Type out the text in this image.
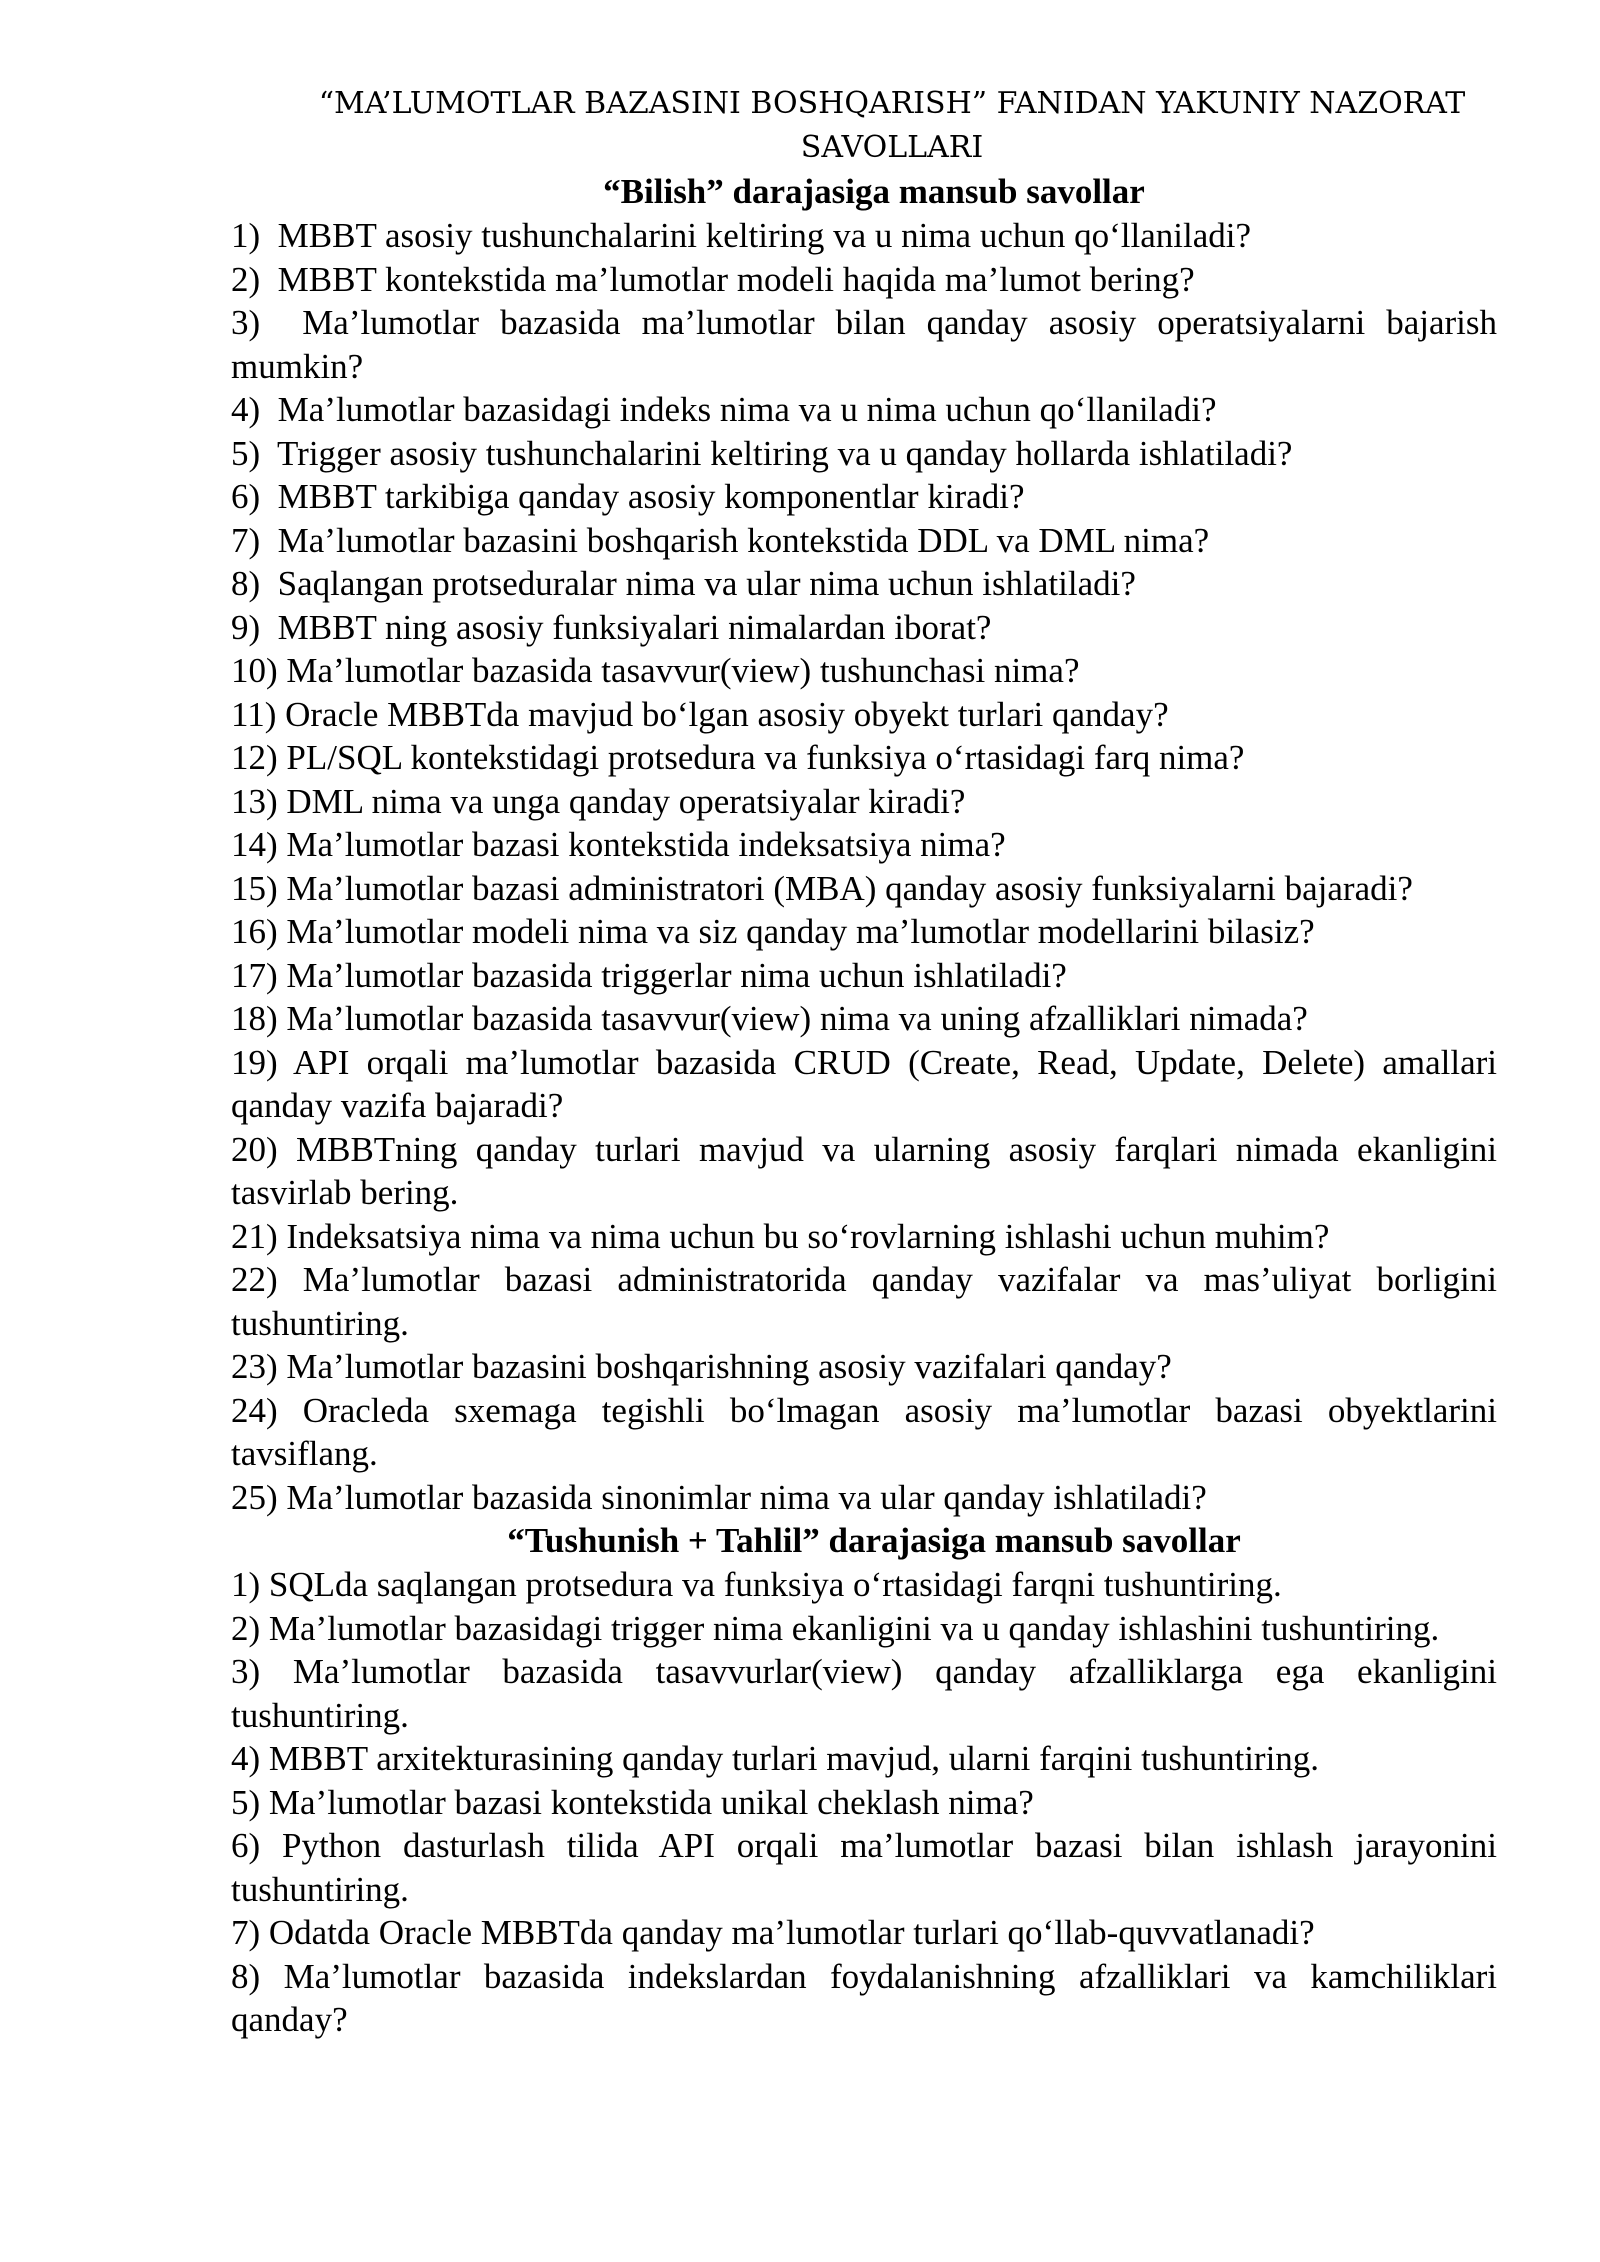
“MA’LUMOTLAR BAZASINI BOSHQARISH” FANIDAN YAKUNIY NAZORAT
SAVOLLARI

“Bilish” darajasiga mansub savollar
1)  MBBT asosiy tushunchalarini keltiring va u nima uchun qo‘llaniladi?
2)  MBBT kontekstida ma’lumotlar modeli haqida ma’lumot bering?
3)  Ma’lumotlar bazasida ma’lumotlar bilan qanday asosiy operatsiyalarni bajarish mumkin?
4)  Ma’lumotlar bazasidagi indeks nima va u nima uchun qo‘llaniladi?
5)  Trigger asosiy tushunchalarini keltiring va u qanday hollarda ishlatiladi?
6)  MBBT tarkibiga qanday asosiy komponentlar kiradi?
7)  Ma’lumotlar bazasini boshqarish kontekstida DDL va DML nima?
8)  Saqlangan protseduralar nima va ular nima uchun ishlatiladi?
9)  MBBT ning asosiy funksiyalari nimalardan iborat?
10) Ma’lumotlar bazasida tasavvur(view) tushunchasi nima?
11) Oracle MBBTda mavjud bo‘lgan asosiy obyekt turlari qanday?
12) PL/SQL kontekstidagi protsedura va funksiya o‘rtasidagi farq nima?
13) DML nima va unga qanday operatsiyalar kiradi?
14) Ma’lumotlar bazasi kontekstida indeksatsiya nima?
15) Ma’lumotlar bazasi administratori (MBA) qanday asosiy funksiyalarni bajaradi?
16) Ma’lumotlar modeli nima va siz qanday ma’lumotlar modellarini bilasiz?
17) Ma’lumotlar bazasida triggerlar nima uchun ishlatiladi?
18) Ma’lumotlar bazasida tasavvur(view) nima va uning afzalliklari nimada?
19) API orqali ma’lumotlar bazasida CRUD (Create, Read, Update, Delete) amallari qanday vazifa bajaradi?
20) MBBTning qanday turlari mavjud va ularning asosiy farqlari nimada ekanligini tasvirlab bering.
21) Indeksatsiya nima va nima uchun bu so‘rovlarning ishlashi uchun muhim?
22) Ma’lumotlar bazasi administratorida qanday vazifalar va mas’uliyat borligini tushuntiring.
23) Ma’lumotlar bazasini boshqarishning asosiy vazifalari qanday?
24) Oracleda sxemaga tegishli bo‘lmagan asosiy ma’lumotlar bazasi obyektlarini tavsiflang.
25) Ma’lumotlar bazasida sinonimlar nima va ular qanday ishlatiladi?
“Tushunish + Tahlil” darajasiga mansub savollar
1) SQLda saqlangan protsedura va funksiya o‘rtasidagi farqni tushuntiring.
2) Ma’lumotlar bazasidagi trigger nima ekanligini va u qanday ishlashini tushuntiring.
3) Ma’lumotlar bazasida tasavvurlar(view) qanday afzalliklarga ega ekanligini tushuntiring.
4) MBBT arxitekturasining qanday turlari mavjud, ularni farqini tushuntiring.
5) Ma’lumotlar bazasi kontekstida unikal cheklash nima?
6) Python dasturlash tilida API orqali ma’lumotlar bazasi bilan ishlash jarayonini tushuntiring.
7) Odatda Oracle MBBTda qanday ma’lumotlar turlari qo‘llab-quvvatlanadi?
8) Ma’lumotlar bazasida indekslardan foydalanishning afzalliklari va kamchiliklari qanday?
